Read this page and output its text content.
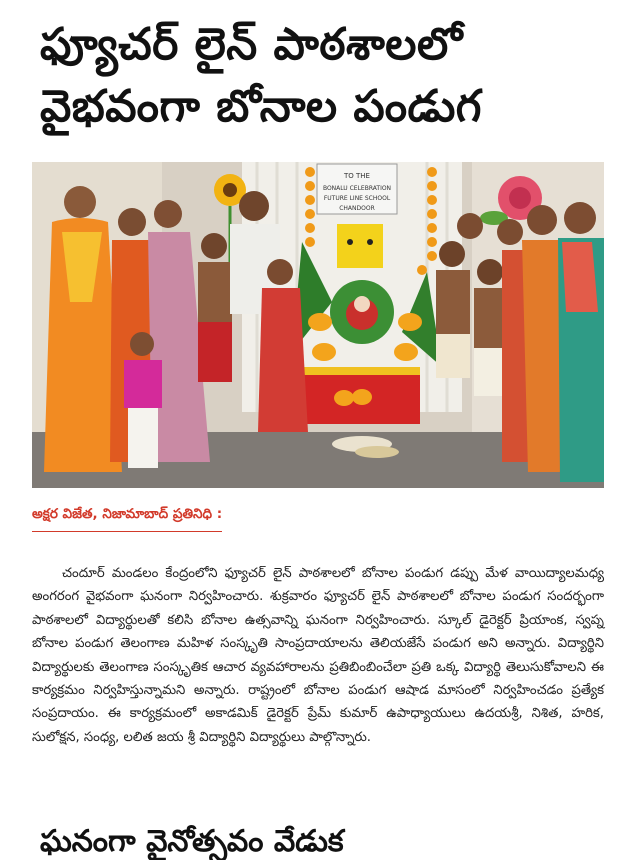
ఫ్యూచర్ లైన్ పాఠశాలలో
వైభవంగా బోనాల పండుగ
TO THE
BONALU CELEBRATION
FUTURE LINE SCHOOL
CHANDOOR
అక్షర విజేత, నిజామాబాద్ ప్రతినిధి :
చందూర్ మండలం కేంద్రంలోని ఫ్యూచర్ లైన్ పాఠశాలలో బోనాల పండుగ డప్పు మేళ వాయిద్యాలమధ్య అంగరంగ వైభవంగా ఘనంగా నిర్వహించారు. శుక్రవారం ఫ్యూచర్ లైన్ పాఠశాలలో బోనాల పండుగ సందర్భంగా పాఠశాలలో విద్యార్థులతో కలిసి బోనాల ఉత్సవాన్ని ఘనంగా నిర్వహించారు. స్కూల్ డైరెక్టర్ ప్రియాంక, స్వప్న బోనాల పండుగ తెలంగాణ మహిళ సంస్కృతి సాంప్రదాయాలను తెలియజేసే పండుగ అని అన్నారు. విద్యార్థిని విద్యార్థులకు తెలంగాణ సంస్కృతిక ఆచార వ్యవహారాలను ప్రతిబింబించేలా ప్రతి ఒక్క విద్యార్థి తెలుసుకోవాలని ఈ కార్యక్రమం నిర్వహిస్తున్నామని అన్నారు. రాష్ట్రంలో బోనాల పండుగ ఆషాడ మాసంలో నిర్వహించడం ప్రత్యేక సంప్రదాయం. ఈ కార్యక్రమంలో అకాడమిక్ డైరెక్టర్ ప్రేమ్ కుమార్ ఉపాధ్యాయులు ఉదయశ్రీ, నిశిత, హరిక, సులోక్షన, సంధ్య, లలిత జయ శ్రీ విద్యార్థిని విద్యార్థులు పాల్గొన్నారు.
ఘనంగా వైనోత్సవం వేడుక
